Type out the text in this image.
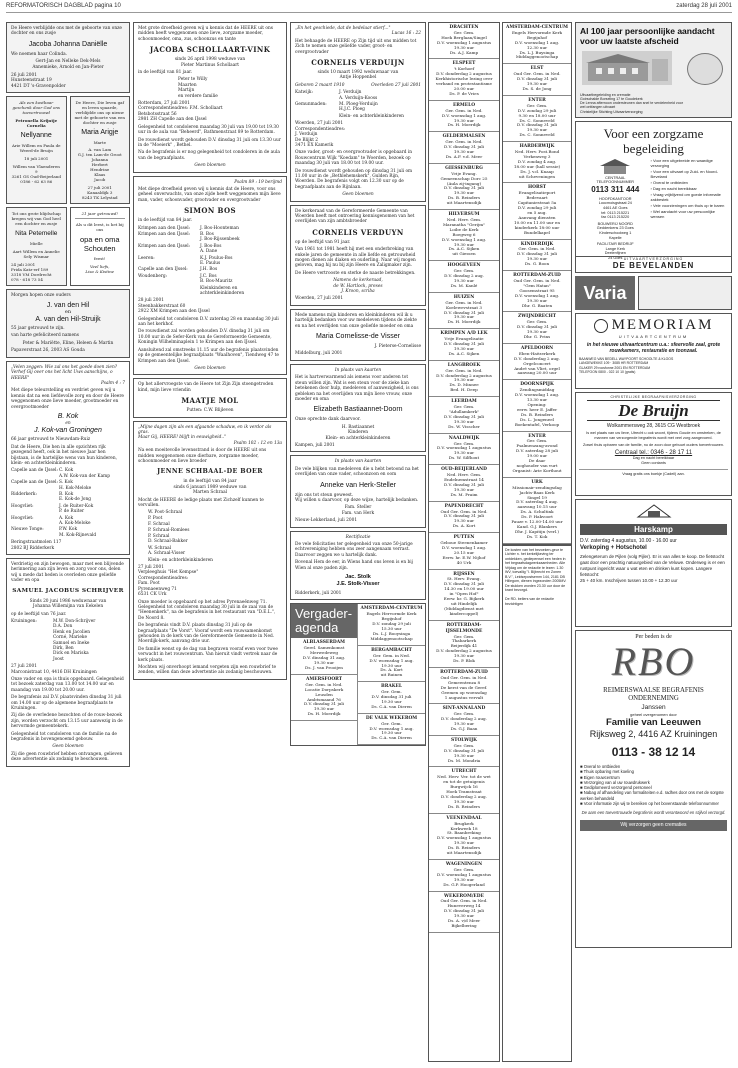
REFORMATORISCH DAGBLAD pagina 10	zaterdag 28 juli 2001

De Heere verblijdde ons met de geboorte van onze dochter en ons zusje

Jacoba Johanna Daniëlle

We noemen haar Colinda.

Gert-Jan en Nelleke Dek-Mels
Annemieke, Arnold en Jan-Pieter

26 juli 2001

Hunsteenstraat 19
4421 DT 's-Gravenpolder

Als een kostbaar geschenk door God ons toevertrouwd

Petronella Krijntje Cornelia

Nellyanne

Arie Willem en Paula de Weerd-de Bruijn

18 juli 2001

Willem van Vlaenderen 9
3261 GS Oud-Beijerland
0186 - 62 63 86

De Heere, Die leven gaf en leven spaarde, verblijdde ons op nieuw met de geboorte van een dochter en zusje

Maria Arigje

Marte

A. van Lam
G.J. ten Lam-de Groot
Johanna
Herbert
Hendrine
Klaas
Jacob

27 juli 2001

Kanaaldijk 3
8243 TK Lelystad

Tot ons grote blijdschap kregen wij van God heel een dochter en zusje

Nita Petemelle

Mielle

Aart Willem en Annelie Sely Wismar

24 juli 2001
Frida Katz-erf 189
3318 VM Dordrecht
078 - 618 73 54

21 jaar getrouwd!

Als u dit leest, is het bij ons

opa en oma Schouten

feest!

Veel liefs,
Lisa & Kistine

Morgen hopen onze ouders

J. van den Hil
en
A. van den Hil-Struijk

55 jaar getrouwd te zijn.

van harte gefeliciteerd namens

Peter & Mariëtte, Eline, Heleen & Martin

Papaverstraat 26, 2003 AS Gouda

„Velen zeggen: Wie zal ons het goede doen zien? Verhef Gij over ons het licht Uws aanschijns, o HEERE"

Psalm 4 : 7

Met diepe teleurstelling en verdriet geven wij u kennis dat na een liefdevolle zorg en door de Heere weggenomen onze lieve moeder, grootmoeder en overgrootmoeder

B. Kok
en
J. Kok-van Groningen

66 jaar getrouwd te Nieuwdam-Ruiz

Dat de Heere, Die hen in alle opzichten rijk gezegend heeft, ook in het nieuwe Jaar hen bijstaan, is de hartelijke wens van hun kinderen, klein- en achterkleinkinderen.

Capelle aan de IJssel: C. Kok
A.W. Kok-van der Kamp
Capelle aan de IJssel: S. Kok
H. Kok-Meloke
Ridderkerk:	B. Kok
E. Kok-de Jong
Hoogvliet:	J. de Ruiter-Kok
P. de Ruiter
Hoogvliet:	A. Kok
A. Kok-Meloke
Nieuwe Tonge:	P.W. Kok
M. Kok-Rijnevald

Beringstraatmolen 117
2802 BJ Ridderkerk

Verdrietig en zijn bewogen, maar met een blijvende herinnering aan zijn leven en zorg voor ons, delen wij u mede dat heden is overleden onze geliefde vader en opa

SAMUEL JACOBUS SCHRIJVER

Sinds 20 juni 1986 weduwnaar van
Johanna Willemijna van Eekelen

op de leeftijd van 76 jaar.

Kruiningen:	M.W. Don-Schrijver
D.A. Don
Henk en Jacolien
Corné, Marieke
Samuel en Ineke
Dirk, Ben
Dick en Mariska
Joost

27 juli 2001

Marconistraat 10, 4416 DH Kruiningen

Onze vader en opa is thuis opgebaard. Gelegenheid tot bezoek zaterdag van 13.00 tot 14.00 uur en maandag van 19.00 tot 20.00 uur.

De begrafenis zal D.V. plaatsvinden dinsdag 31 juli om 14.00 uur op de algemene begraafplaats te Kruiningen.

Zij die de overledene bezochten of de rouw-bezoek zijn, worden verzocht om 13.15 uur aanwezig in de hervormde gemeentekerk.

Gelegenheid tot condoleren van de familie na de begrafenis in bovengenoemd gebouw.

Geen bloemen

Zij die geen rouwbrief hebben ontvangen, gelieven deze advertentie als zodanig te beschouwen.

Met grote droefheid geven wij u kennis dat de HEERE uit ons midden heeft weggenomen onze lieve, zorgzame moeder, schoonmoeder, oma, zus, schoonzus en tante

JACOBA SCHOLLAART-VINK

sinds 26 april 1998 weduwe van
Pieter Martinus Schollaart

in de leeftijd van 81 jaar.

Peter te Willy
Maarten
Martijn
en verdere familie

Rotterdam, 27 juli 2001

Correspondentieadres: F.M. Schollaart
Betsbotsstraat 56
2981 ZH Capelle aan den IJssel

Gelegenheid tot condoleren maandag 30 juli van 19.00 tot 19.30 uur in de aula van "Beheerd", Bathmenstraat 89 te Rotterdam.

De rouwdienst wordt gehouden D.V. dinsdag 31 juli om 13.30 uur in de "Moeierk" , Bethel.

Na de begrafenis is er nog gelegenheid tot condoleren in de aula van de begraafplaats.

Geen bloemen

Psalm 89 : 19 berijmd

Met diepe droefheid geven wij u kennis dat de Heere, voor ons geheel onverwachts, van onze zijde heeft weggenomen mijn lieve man, vader, schoonvader, grootvader en overgrootvader

SIMON BOS

in de leeftijd van 84 jaar.

Krimpen aan den IJssel:	J. Bos-Hoonteman
Krimpen aan den IJssel:	B. Bos
J. Bos-Rijssenbeek
Krimpen aan den IJssel:	J. Bos-Bos
A. Dane
Leeren:	K.J. Poulus-Bos
E. Paulus
Capelle aan den IJssel:	J.H. Bos
Woudenberg:	J.C. Bos
B. Bos-Mauritz
Kleinkinderen en achterkleinkinderen

28 juli 2001

Steenbakkerstraat 60
2922 XM Krimpen aan den IJssel

Gelegenheid tot condoleren D.V. zaterdag 28 en maandag 30 juli aan het kerkhof.

De rouwdienst zal worden gehouden D.V. dinsdag 31 juli om 10.00 uur in de Sefer-Kerk van de Gereformeerde Gemeente, Koningin Wilhelminaplein 1 te Krimpen aan den IJssel.

Aansluitend zal omstreeks 11.15 uur de begrafenis plaatsvinden op de gemeentelijke begraafplaats "Waalhoven", Tiendweg 47 te Krimpen aan den IJssel.

Geen bloemen

Op het allervroegste van de Heere tot Zijn Zijn stoengetroden kind, mijn lieve vriendin

MAATJE MOL

Putten: C.W. Blijleven

„Mijne dagen zijn als een afgaande schaduw, en ik verdor als gras.
Maar Gij, HEERE! blijft in eeuwigheid.."

Psalm 102 : 12 en 13a

Na een moeitevolle levensstrand is door de HEERE uit ons midden weggenomen onze dierbare, zorgzame moeder, schoonmoeder en lieve broeder

JENNE SCHBAAL-DE BOER

in de leeftijd van 84 jaar
sinds 6 januari 1989 weduwe van
Marten Schraal

Mocht de HEERE de ledige plaats met Zichzelf kunnen te vervullen.

W. Poot-Schraal
P. Poot
F. Schraal
P. Schraal-Romlees
P. Schraal
D. Schraal-Bakker
W. Schraal
A. Schraal-Visser
Klein- en achterkleinkinderen

27 juli 2001

Verpleeghuis "Het Kempse"
Correspondentieadres:
Fam. Poot
Pyrenaeenweg 71
6531 CK Urk

Onze moeder is opgebaard op het adres Pyrenaeënweg 71. Gelegenheid tot condoleren maandag 30 juli in de zaal van de "Heenenkerk", na de begrafenis in het restaurant van "D.E.L.", De Noord 8.

De begrafenis vindt D.V. plaats dinsdag 31 juli op de begraafplaats "De Vorst". Vooraf wordt een rouwsamenkomst gehouden in de kerk van de Gereformeerde Gemeente in Ned. Moerdijk-kerk, aanvang drie uur.

De familie wenst op de dag van begraven vooraf even voor twee verwacht in het rouwcentrum. Van hieruit vindt vertrek naar de kerk plaats.

Mochten wij onverhoopt iemand vergeten zijn een rouwbrief te zenden, willen dan deze advertentie als zodanig beschouwen.

„En het geschiede, dat de bedelaar stierf..."

Lucas 16 : 22

Het behaagde de HEERE op Zijn tijd uit ons midden tot Zich te nemen onze geliefde vader, groot- en overgrootvader

CORNELIS VERDUIJN

sinds 10 maart 1992 weduwnaar van
Antje Hoppenbel

Geboren 2 maart 1910	Overleden 27 juli 2001
Katwijk:	J. Verduijn
A. Verduijn-Kooss
Gemunmaden:	M. Ploeg-Verduijn
H.J.C. Ploeg
Klein- en achterkleinkinderen

Woerden, 27 juli 2001

Correspondentieadres:
J. Verduijn
De Blijkt 2
3471 EX Kamerik

Onze vader, groot- en overgrootvader is opgebaard in Rouwcentrum Wijk "Koedam" te Woerden, bezoek op maandag 30 juli van 18.00 tot 19.00 uur.

De rouwdienst wordt gehouden op dinsdag 31 juli om 11.00 uur in de „Bethlehemskerk", Gulden Rijn, Woerden. De begrafenis volgt om 12.30 uur op de begraafplaats aan de Rijnlaan.

Geen bloemen

De kerkeraad van de Gereformeerde Gemeente van Woerden heeft met ontroering kennisgenomen van het overlijden van zijn ambtsbroeder

CORNELIS VERDUYN

op de leeftijd van 91 jaar.

Van 1961 tot 1981 heeft hij met een onderbreking van enkele jaren de gemeente in alle liefde en getrouwheid mogen dienen als diaken en ouderling. Naar wij mogen geloven, mag hij nu bij zijn Heere en Zaligmaker zijn.

De Heere vertrooste en sterke de naaste betrekkingen.

Namens de kerkeraad,
de W. Hartlock, preses
J. Kroon, scriba

Woerden, 27 juli 2001

Mede namens mijn kinderen en kleinkinderen wil ik u hartelijk bedanken voor uw medeleven tijdens de ziekte en na het overlijden van onze geliefde moeder en oma

Maria Cornelisse-de Visser

J. Pieterse-Cornelisse

Middelburg, juli 2001

In plaats van kaarten

Het is hartverwarmend als iemens voor anderen tot steun willen zijn. Wat is een steun voor de zieke kan betekenen door hulp, medeleven of aanwezigheid, is ons gebleken na het overlijden van mijn lieve vrouw, onze moeder en oma

Elizabeth Bastiaannet-Doorn

Onze oprechte dank daarvoor.

H. Bastiaannet
Kinderen
Klein- en achterkleinkinderen

Kampen, juli 2001

In plaats van kaarten

De vele blijken van medeleven die u hebt betoond na het overlijden van onze vader, schoonzoon en oom

Anneke van Herk-Steller

zijn ons tot steun geweest.
Wij willen u daarvoor, op deze wijze, hartelijk bedanken.

Fam. Steller
Fam. van Herk

Nieuw-Lekkerland, juli 2001

Rectificatie

De vele felicitaties ter gelegenheid van onze 50-jarige echtvereniging hebben ons zeer aangenaam verrast. Daarvoor zeggen we u hartelijk dank.

Bovenal Hem de eer, in Wiens hand ons leven is en bij Wien al onze paden zijn.

Jac. Stolk
J.E. Stolk-Visser

Ridderkerk, juli 2001

Vergader-agenda
ALBLASSERDAM
Gerel. Samenkomst
Merwedeweg
D.V. dinsdag 31 aug.
19.30 uur
Ds. J. van Prooijen
AMERSFOORT
Ger. Gem. in Ned.
Locatie Dorpskerk
Leusden
Ambtsmaand 76
D.V. dinsdag 31 juli
19.30 uur
Ds. H. Moerdijk
AMSTERDAM-CENTRUM
Engels Hervormde Kerk
Begijnhof
D.V. zondag 29 juli
15.30 uur
Ds. L.J. Booysinga
Middaggenootschap
BERGAMBACHT
Ger. Gem. in Ned.
D.V. woensdag 1 aug.
19.30 uur
Ds. A. Kort
uit Ruinen
BRAKEL
Ger. Gem.
D.V. dinsdag 31 juli
19.30 uur
Ds. C.A. van Dieren
DE VALK WEKEROM
Ger. Gem.
D.V. woensdag 1 aug.
19.30 uur
Ds. C.A. van Dieren
DRACHTEN
Ger. Gem.
Hoek Berglaan/Singel
D.V. woensdag 1 augustus
19.30 uur
Ds. A.J. Kamp
ELSPEET
't Korhoef
D.V. donderdag 2 augustus
Kerkhistorische lezing over
verband en protestantisme
20.00 uur
Ds. P. de Vries
ERMELO
Ger. Gem. in Ned.
D.V. woensdag 1 aug.
19.30 uur
Ds. H. Moerdijk
GELDERMALSEN
Ger. Gem. in Ned.
D.V. dinsdag 31 juli
19.30 uur
Ds. A.F. v.d. Meer
GIESSENBURG
Vrije Evang.
Gemeenschap Dorc 25
(Aula zij-ingang)
D.V. dinsdag 31 juli
19.30 uur
Ds. B. Reinders
uit Maartensdijk
HILVERSUM
Ned. Herv. Gem.
Maranatha "Gerijm"
Loibe de Kerk
Boegweg 6
D.V. woensdag 1 aug.
19.30 uur
Ds. A.C. Sijken
uit Giessen
HOOGEVEEN
Ger. Gem.
D.V. dinsdag 2 aug.
19.30 uur
Ds. M. Kanlé
HUIZEN
Ger. Gem. in Ned.
Koelewevstraat 3
D.V. dinsdag 31 juli
19.30 uur
Ds. H. Moerdijk
KRIMPEN A/D LEK
Vrije Evangelisatie
D.V. dinsdag 31 juli
19.30 uur
Ds. A.C. Sijken
LANGBROEK
Ger. Gem. in Ned.
D.V. donderdag 2 augustus
19.30 uur
Ds. D. Minnee
Bed. H. Deep
LEERDAM
Ger. Gem.
"Adullamkerk"
D.V. dinsdag 31 juli
19.30 uur
Ds. W. Visscher
NAALDWIJK
Ger. Gem.
D.V. woensdag 1 augustus
19.30 uur
Ds. W. Silfhout
OUD-BEIJERLAND
Ned. Herv. Gem.
Endelnemstraat 14
D.V. dinsdag 31 juli
19.30 uur
Ds. M. Praim
PAPENDRECHT
Oud Ger. Gem. in Ned.
D.V. dinsdag 31 juli
19.30 uur
Ds. A. Kort
PUTTEN
Geboue Steenenkamer
D.V. woensdag 1 aug.
20.15 uur
Eerw. hr. E.W. Nijhof
40 Urk
RIJSSEN
St. Herv. Evang.
D.V. dinsdag 31 juli
14.30 en 19.00 uur
in "Open Hof"
Eerw. hr. G. Bijkerk
uit Hindelijk
(Middagdienst met kindercoppel)
ROTTERDAM-IJSSELMONDE
Ger. Gem.
Thabarkerk
Beijerdijk 41
D.V. donderdag 2 augustus
19.30 uur
Ds. P. Blok
ROTTERDAM-ZUID
Oud Ger. Gem. in Ned.
Gemeentenza 8
De kerst van de Geref.
Geemen op woensdag
1 augustus vervalt
SINT-ANNALAND
Ger. Gem.
D.V. donderdag 2 aug.
19.30 uur
Ds. G.J. Baan
STOLWIJK
Ger. Gem.
D.V. dinsdag 31 juli
19.30 uur
Ds. M. Mondria
UTRECHT
Ned. Herv. Ver. tot de wet
en tot de getuigenis
Burgwijck 16
Hoek Tramstraat
D.V. donderdag 2 aug.
19.30 uur
Ds. B. Reinders
VEENENDAAL
Brugkerk
Kerkweek 18
St. Baanbreking
D.V. woensdag 1 augustus
19.30 uur
Ds. B. Reinders
uit Maartensdijk
WAGENINGEN
Ger. Gem.
D.V. woensdag 1 augustus
19.30 uur
Ds. G.P. Hoogerland
WEKEROM/EDE
Oud Ger. Gem. in Ned.
Huneverweg 14
D.V. dinsdag 31 juli
19.30 uur
Ds. A. v/d Meer
Bijkelbering
AMSTERDAM-CENTRUM
Engels Hervormde Kerk
Begijnhof
D.V. woensdag 1 aug.
12.30 uur
Ds. L.J. Buysinga
Middaggenootschap
ELST
Oud Ger. Gem. in Ned.
D.V. dinsdag 31 juli
19.30 uur
Ds. S. de Jong
ENTER
Ger. Gem.
D.V. zondag 29 juli
9.30 en 18.00 uur
Ds. C. Sonneveld
D.V. dinsdag 31 juli
19.30 uur
Ds. C. Sonneveld
HARDERWIJK
Ned. Herv. Post.Bond
Verkenweg 3
D.V. zondag 4 aug.
18.00 uur (hall sessie)
Ds. J. v.d. Knaap
uit Scheveningen
HORST
Evangelisatieport
Bedevaart
Capitaniestraat 5a
D.V. zondag 29 juli
en 5 aug.
Aanvang diensten
10.00 en 11.00 uur en
kinderkerk 18:00 uur
Bundelkapel
KINDERDIJK
Ger. Gem. in Ned.
D.V. dinsdag 31 juli
19.30 uur
Ds. G. Boon
ROTTERDAM-ZUID
Oud Ger. Gem. in Ned.
"Gem Hatan"
Goosemstraat 95
D.V. woensdag 1 aug.
19.30 uur
Dhr. G. Baaten
ZWIJNDRECHT
Ger. Gem.
D.V. dinsdag 31 juli
19.30 uur
Dhr. G. Prins
APELDOORN
Eben-Haëzerkerk
D.V. donderdag 2 aug.
Orgelconcert
André van Vliet, orgel
aanvang 20.00 uur
DOORNSPIJK
Zendingsmiddag
D.V. woensdag 1 aug.
13.30 uur
Opening:
eerw. heer E. Jaffer
Ds. B. Reinders
Ds. L. Jongeneel
Boekentafel, Verkoop
ENTER
Ger. Gem.
Psalmenzang-avond
D.V. zaterdag 28 juli
19.00 uur
De daar
noghouder van vurt
Organist: Arie Korthout
URK
Missionair-zendingsdag
Jachts-Baas Kerk
Singel 19
D.V. zaterdag 4 aug.
aanvang 10.15 uur
Ds. A. Schultink
Ds. P. Hakvoort
Pauze v. 12.00-14.00 uur
Kand. G.J. Blankers
Dhr. J. Kapitijn (verl.)
Ds. T. Kok
De kosten van het bezoeken-geur te Lichter n. het kerkelijkeving ter ontdekken, gediepenwel een heden in het begraafsdagwerkzaamheden. Alle Vrijdag om de redactie te lezen: 1.30 WV, toevallig "I. Bijbrecht en Zonen B.V.", Leidsepostsemm 144, 2181 DB Hillegom, dienen ingezonden 2005MV. De stukken worden 23.30 uur door de krant bezorgd.

De RD. bellers van de redactie bezichtigen
Al 100 jaar persoonlijke aandacht voor uw laatste afscheid

Uitvaartbegeleiding en crematie
Goirschalde Borseling 17 te Goudekerk
De Lenna afternoon ondersteunen dan snel te verdelenheid voor
wel ontfangen uitvaart
Christelijke Stichting Uitvaartverzorging

Voor een zorgzame begeleiding

CENTRAAL
TELEFOONNUMMER

0113 311 444

HOOFDKANTOOR
Loocmoisgstraat 24
4461 AE Goes
tel: 0113 215221
fax 0113 215220

BOUWERIJ NOORD
Geddenkens 23 Goes
Kinderschoolweg 1
Kapelle

FACILITAIR BEDRIJF
Lange Kerk
Deelenfijnen
24 Goes

› Voor een uitgebreide en waardige verzorging

› Voor een uitvaart op Zuid- en Noord-Beveland

› Overal te ontbieden

› Dag en nacht bereikbaar

› Vraag vrijblijvend om goede informatie zakbestek

› Vele voorzieningen om thuis op te baren

› Wel aandacht voor uw persoonlijke wensen

UITVAARTVERZORGING
DE BEVELANDEN
Varia
MEMORIAM
UITVAARTCENTRUM

in het nieuwe uitvaartcentrum u.a.: sfeervolle zaal, grote rouwkamers, restauratie en toonzaal.

BAANWEG VAN BEDELL WAYPOORT SCHOOLTE & KLOOS
LANGEWEKKE 109 · 3085 HR ROTTERDAM
GLAKER 29 roosfonne 2001 EN ROTTERDAM
TELEFOON 0800 - 022 10 10 (gratis)

CHRISTELIJKE BEGRAAFNISVERZORGING
De Bruijn
Wolkammersweg 28, 3615 CG Westbroek

Is wel plaats van uw lieve, Utrecht u ook woont, tijdens Goude en omstreken, de mannen van verzorgende begrafenis wordt met veel zorg aangevoerd.

Zowel thuis opbaren van de familie, nu de zoon door gebuurt ouders toevertrouwen.

Centraal tel.: 0346 - 28 17 11

Dag en nacht bereikbaar
Geen contants

Vraag gratis ons boekje (Cadeil) aan.

Harskamp

D.V. zaterdag 4 augustus, 10.00 - 16.00 uur

Verkoping + Hotschotel

Zelengeterum de Pijlen (volg Pijler). Er is van alles te koop. De fietstocht gaat door een prachtig natuurgebied van de Veluwe. Onderweg is er een rustpunt ingericht waar u wat eten en drinken kunt kopen. Langere fietstocht:

25 + 40 km. Inschrijven tussen 10.00 + 12.30 uur

Per beden is de
RBO
REIMERSWAALSE BEGRAFENIS ONDERNEMING
Janssen
geheel overgenomen door
Familie van Leeuwen
Rijksweg 2, 4416 AZ Kruiningen
0113 - 38 12 14

■ Overal te ontbieden

■ Thuis opbaring met koeling

■ Eigen rouwcentrum

■ Verzorging van al uw rouwdrukwerk

■ Gediplomeerd verzorgend personeel

■ Nabag af afhandeling van formaliteiten e.d. radhes door ons met de sorgste werken behandeld

■ Voor informatie zijn wij te bereiken op het bovenstaande telefoonnummer

De aam een toevertrouwde begrafenis wordt verantwoord en stijlvol verzorgd.

Wij verzorgen geen crematies
